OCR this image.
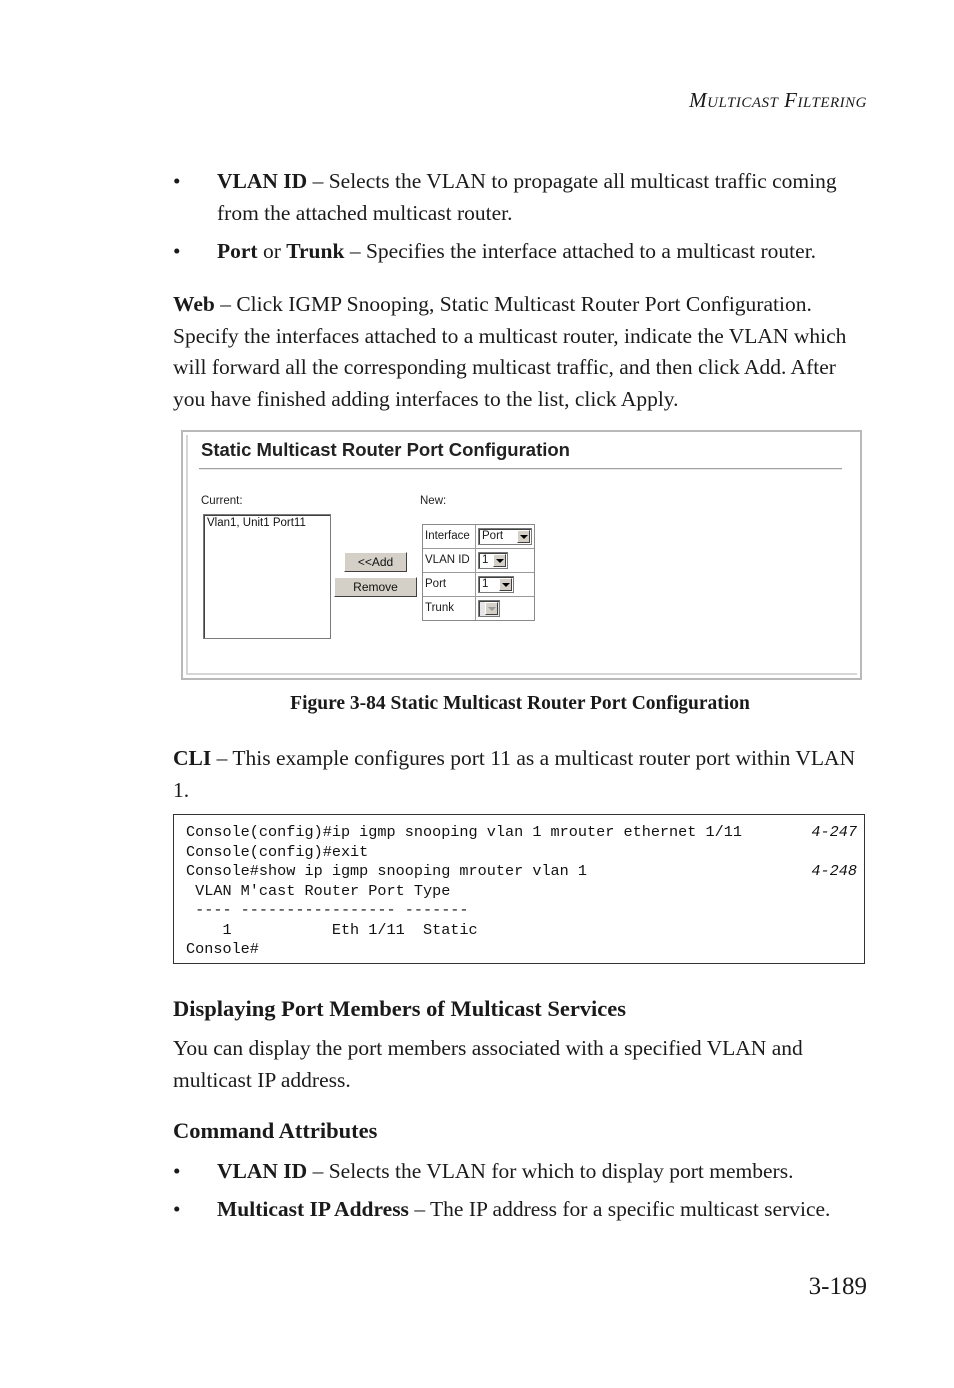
Multicast Filtering
• VLAN ID – Selects the VLAN to propagate all multicast traffic coming from the attached multicast router.
• Port or Trunk – Specifies the interface attached to a multicast router.
Web – Click IGMP Snooping, Static Multicast Router Port Configuration. Specify the interfaces attached to a multicast router, indicate the VLAN which will forward all the corresponding multicast traffic, and then click Add. After you have finished adding interfaces to the list, click Apply.
Static Multicast Router Port Configuration
Current:	New:
Vlan1, Unit1 Port11
<<Add
Remove
Interface	Port
VLAN ID	1
Port	1
Trunk
Figure 3-84 Static Multicast Router Port Configuration
CLI – This example configures port 11 as a multicast router port within VLAN 1.
Console(config)#ip igmp snooping vlan 1 mrouter ethernet 1/11	4-247
Console(config)#exit
Console#show ip igmp snooping mrouter vlan 1	4-248
VLAN M'cast Router Port Type
---- ----------------- -------
1           Eth 1/11  Static
Console#
Displaying Port Members of Multicast Services
You can display the port members associated with a specified VLAN and multicast IP address.
Command Attributes
• VLAN ID – Selects the VLAN for which to display port members.
• Multicast IP Address – The IP address for a specific multicast service.
3-189
